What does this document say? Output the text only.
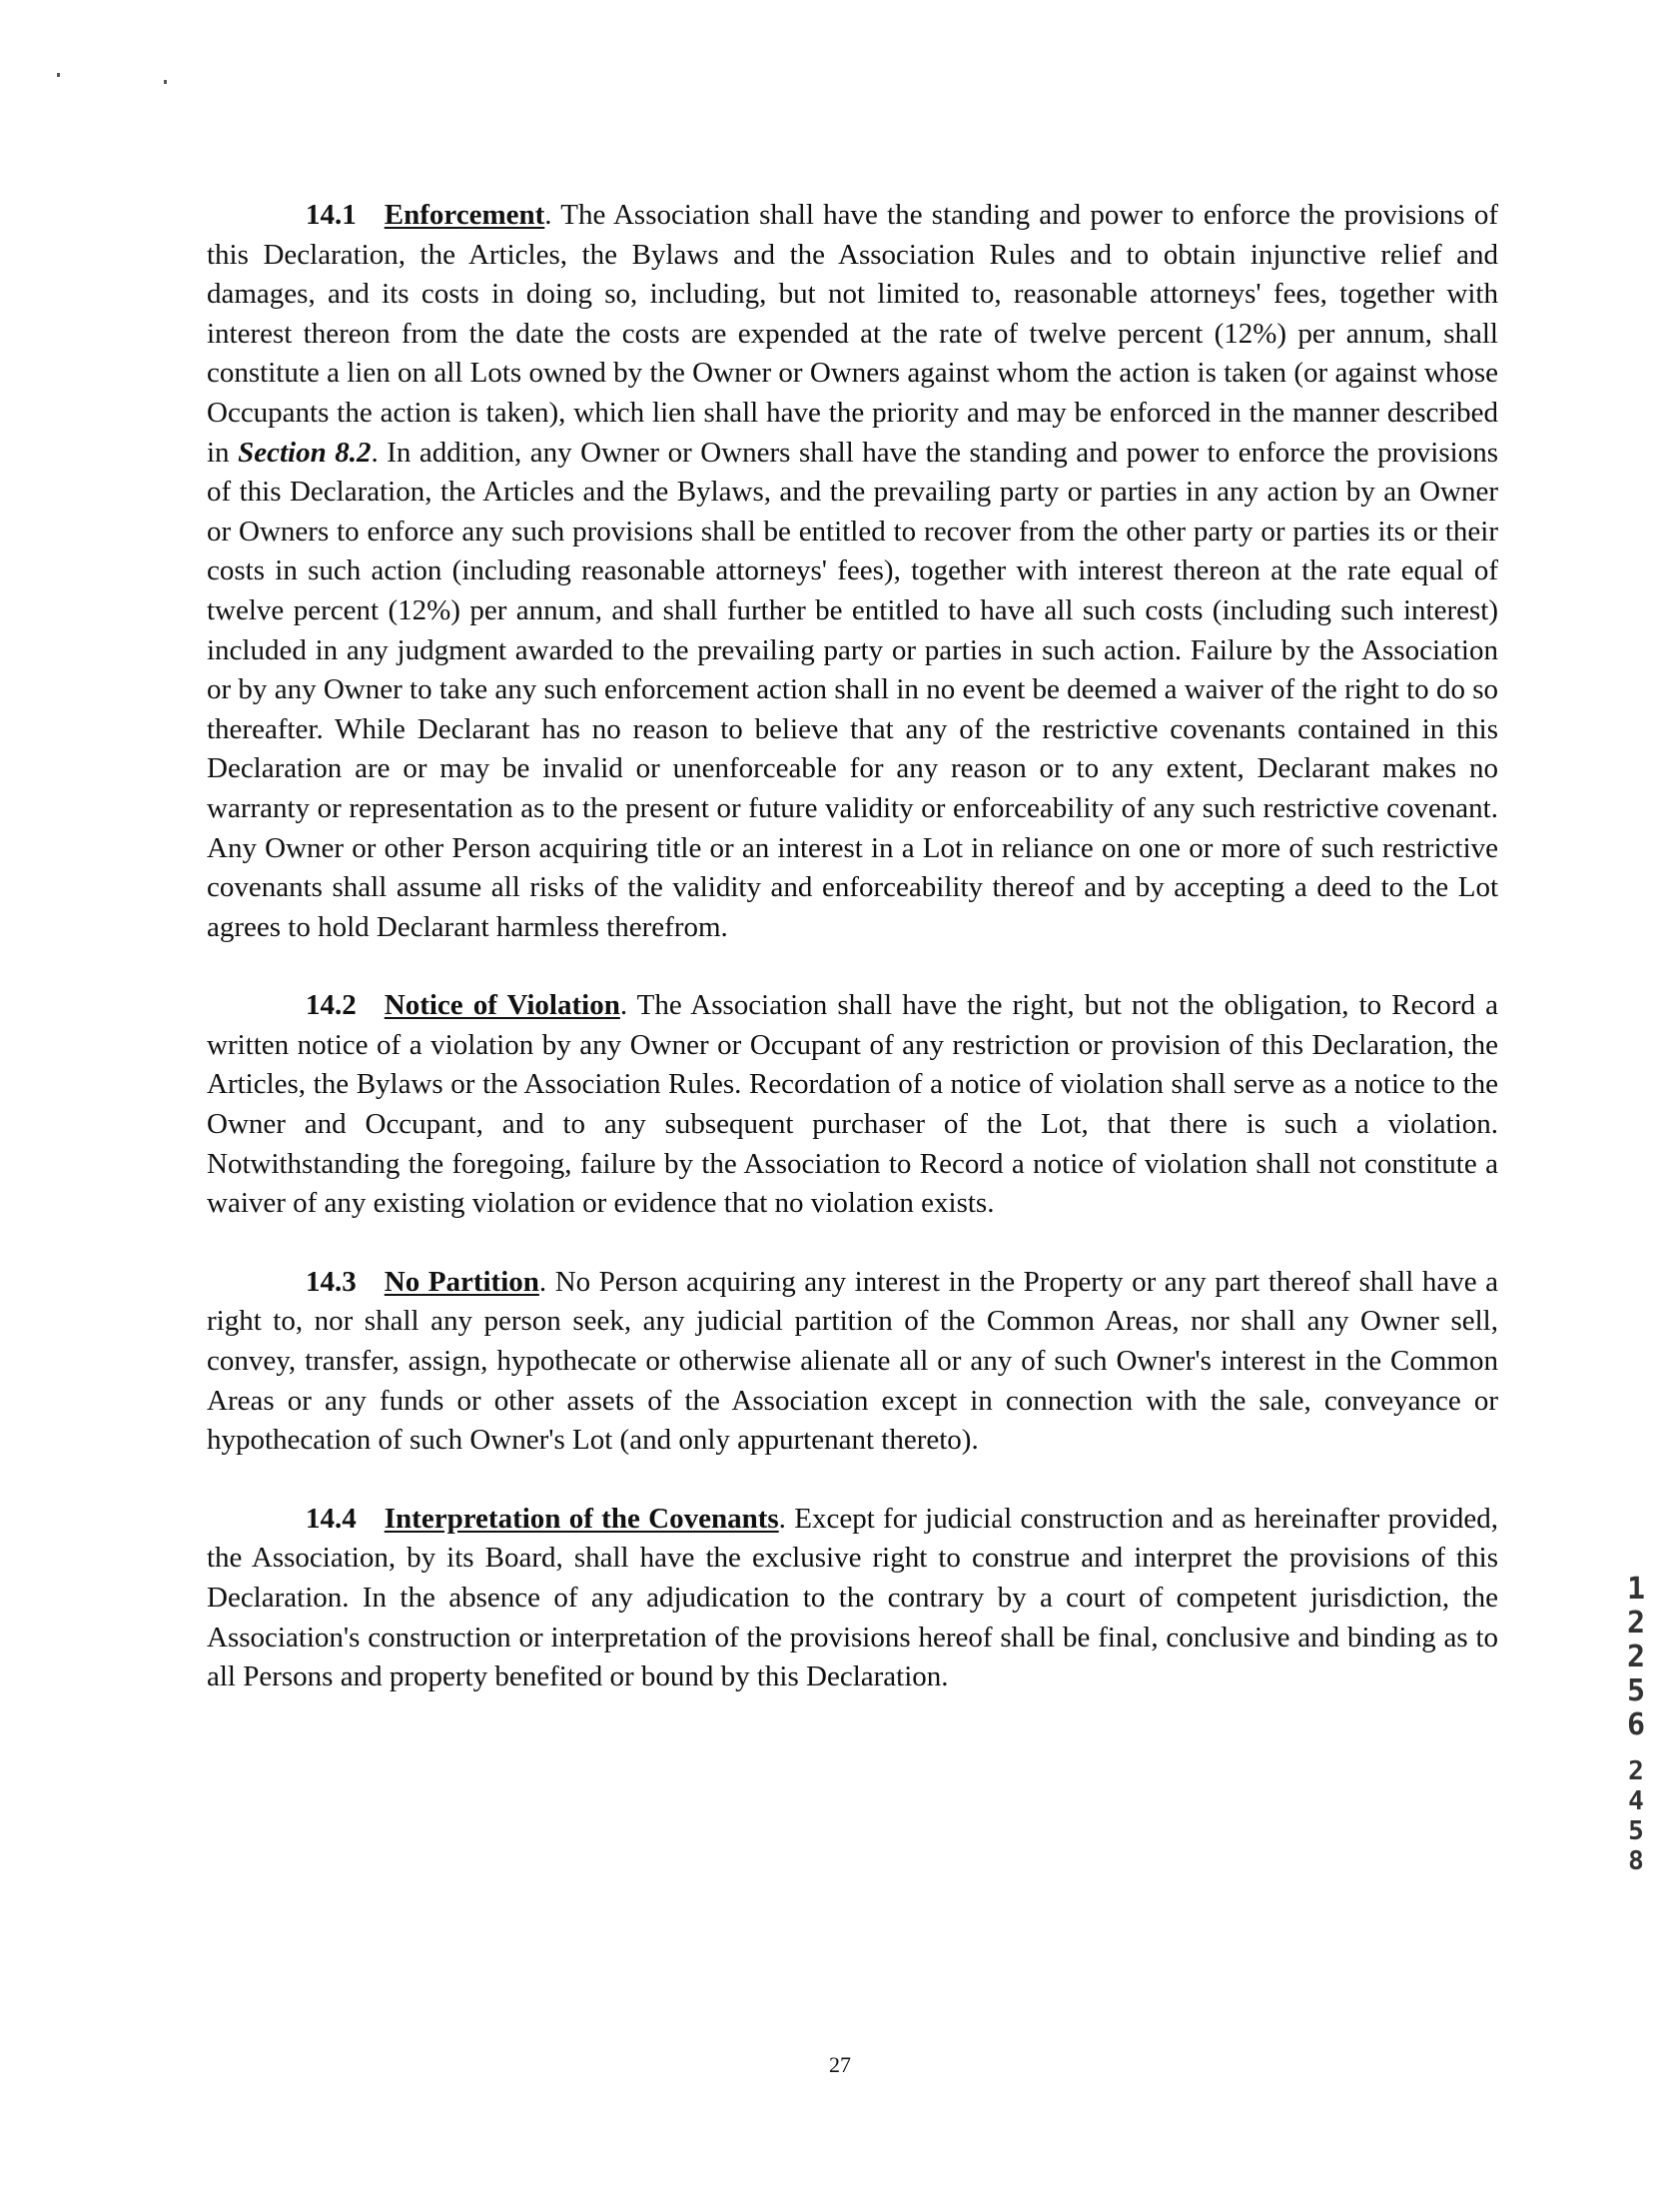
14.1 Enforcement. The Association shall have the standing and power to enforce the provisions of this Declaration, the Articles, the Bylaws and the Association Rules and to obtain injunctive relief and damages, and its costs in doing so, including, but not limited to, reasonable attorneys' fees, together with interest thereon from the date the costs are expended at the rate of twelve percent (12%) per annum, shall constitute a lien on all Lots owned by the Owner or Owners against whom the action is taken (or against whose Occupants the action is taken), which lien shall have the priority and may be enforced in the manner described in Section 8.2. In addition, any Owner or Owners shall have the standing and power to enforce the provisions of this Declaration, the Articles and the Bylaws, and the prevailing party or parties in any action by an Owner or Owners to enforce any such provisions shall be entitled to recover from the other party or parties its or their costs in such action (including reasonable attorneys' fees), together with interest thereon at the rate equal of twelve percent (12%) per annum, and shall further be entitled to have all such costs (including such interest) included in any judgment awarded to the prevailing party or parties in such action. Failure by the Association or by any Owner to take any such enforcement action shall in no event be deemed a waiver of the right to do so thereafter. While Declarant has no reason to believe that any of the restrictive covenants contained in this Declaration are or may be invalid or unenforceable for any reason or to any extent, Declarant makes no warranty or representation as to the present or future validity or enforceability of any such restrictive covenant. Any Owner or other Person acquiring title or an interest in a Lot in reliance on one or more of such restrictive covenants shall assume all risks of the validity and enforceability thereof and by accepting a deed to the Lot agrees to hold Declarant harmless therefrom.

14.2 Notice of Violation. The Association shall have the right, but not the obligation, to Record a written notice of a violation by any Owner or Occupant of any restriction or provision of this Declaration, the Articles, the Bylaws or the Association Rules. Recordation of a notice of violation shall serve as a notice to the Owner and Occupant, and to any subsequent purchaser of the Lot, that there is such a violation. Notwithstanding the foregoing, failure by the Association to Record a notice of violation shall not constitute a waiver of any existing violation or evidence that no violation exists.

14.3 No Partition. No Person acquiring any interest in the Property or any part thereof shall have a right to, nor shall any person seek, any judicial partition of the Common Areas, nor shall any Owner sell, convey, transfer, assign, hypothecate or otherwise alienate all or any of such Owner's interest in the Common Areas or any funds or other assets of the Association except in connection with the sale, conveyance or hypothecation of such Owner's Lot (and only appurtenant thereto).

14.4 Interpretation of the Covenants. Except for judicial construction and as hereinafter provided, the Association, by its Board, shall have the exclusive right to construe and interpret the provisions of this Declaration. In the absence of any adjudication to the contrary by a court of competent jurisdiction, the Association's construction or interpretation of the provisions hereof shall be final, conclusive and binding as to all Persons and property benefited or bound by this Declaration.

1
2
2
5
6
2
4
5
8
27
